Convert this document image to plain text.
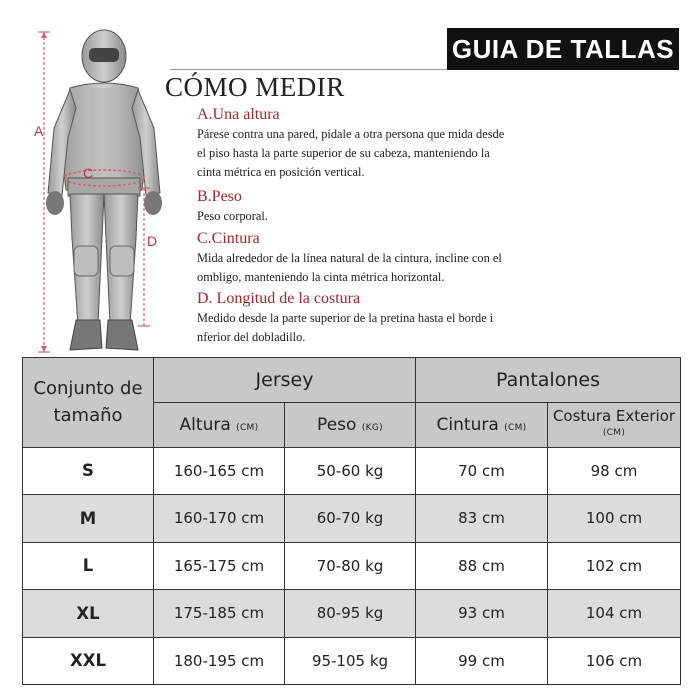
GUIA DE TALLAS
A
C
D
CÓMO MEDIR
A.Una altura
Párese contra una pared, pídale a otra persona que mida desde
el piso hasta la parte superior de su cabeza, manteniendo la
cinta métrica en posición vertical.
B.Peso
Peso corporal.
C.Cintura
Mida alrededor de la línea natural de la cintura, incline con el
ombligo, manteniendo la cinta métrica horizontal.
D. Longitud de la costura
Medido desde la parte superior de la pretina hasta el borde i
nferior del dobladillo.
Conjunto de
tamaño	Jersey		Pantalones	
	Altura (CM)	Peso (KG)	Cintura (CM)	Costura Exterior
(CM)

S	160-165 cm	50-60 kg	70 cm	98 cm
M	160-170 cm	60-70 kg	83 cm	100 cm
L	165-175 cm	70-80 kg	88 cm	102 cm
XL	175-185 cm	80-95 kg	93 cm	104 cm
XXL	180-195 cm	95-105 kg	99 cm	106 cm
